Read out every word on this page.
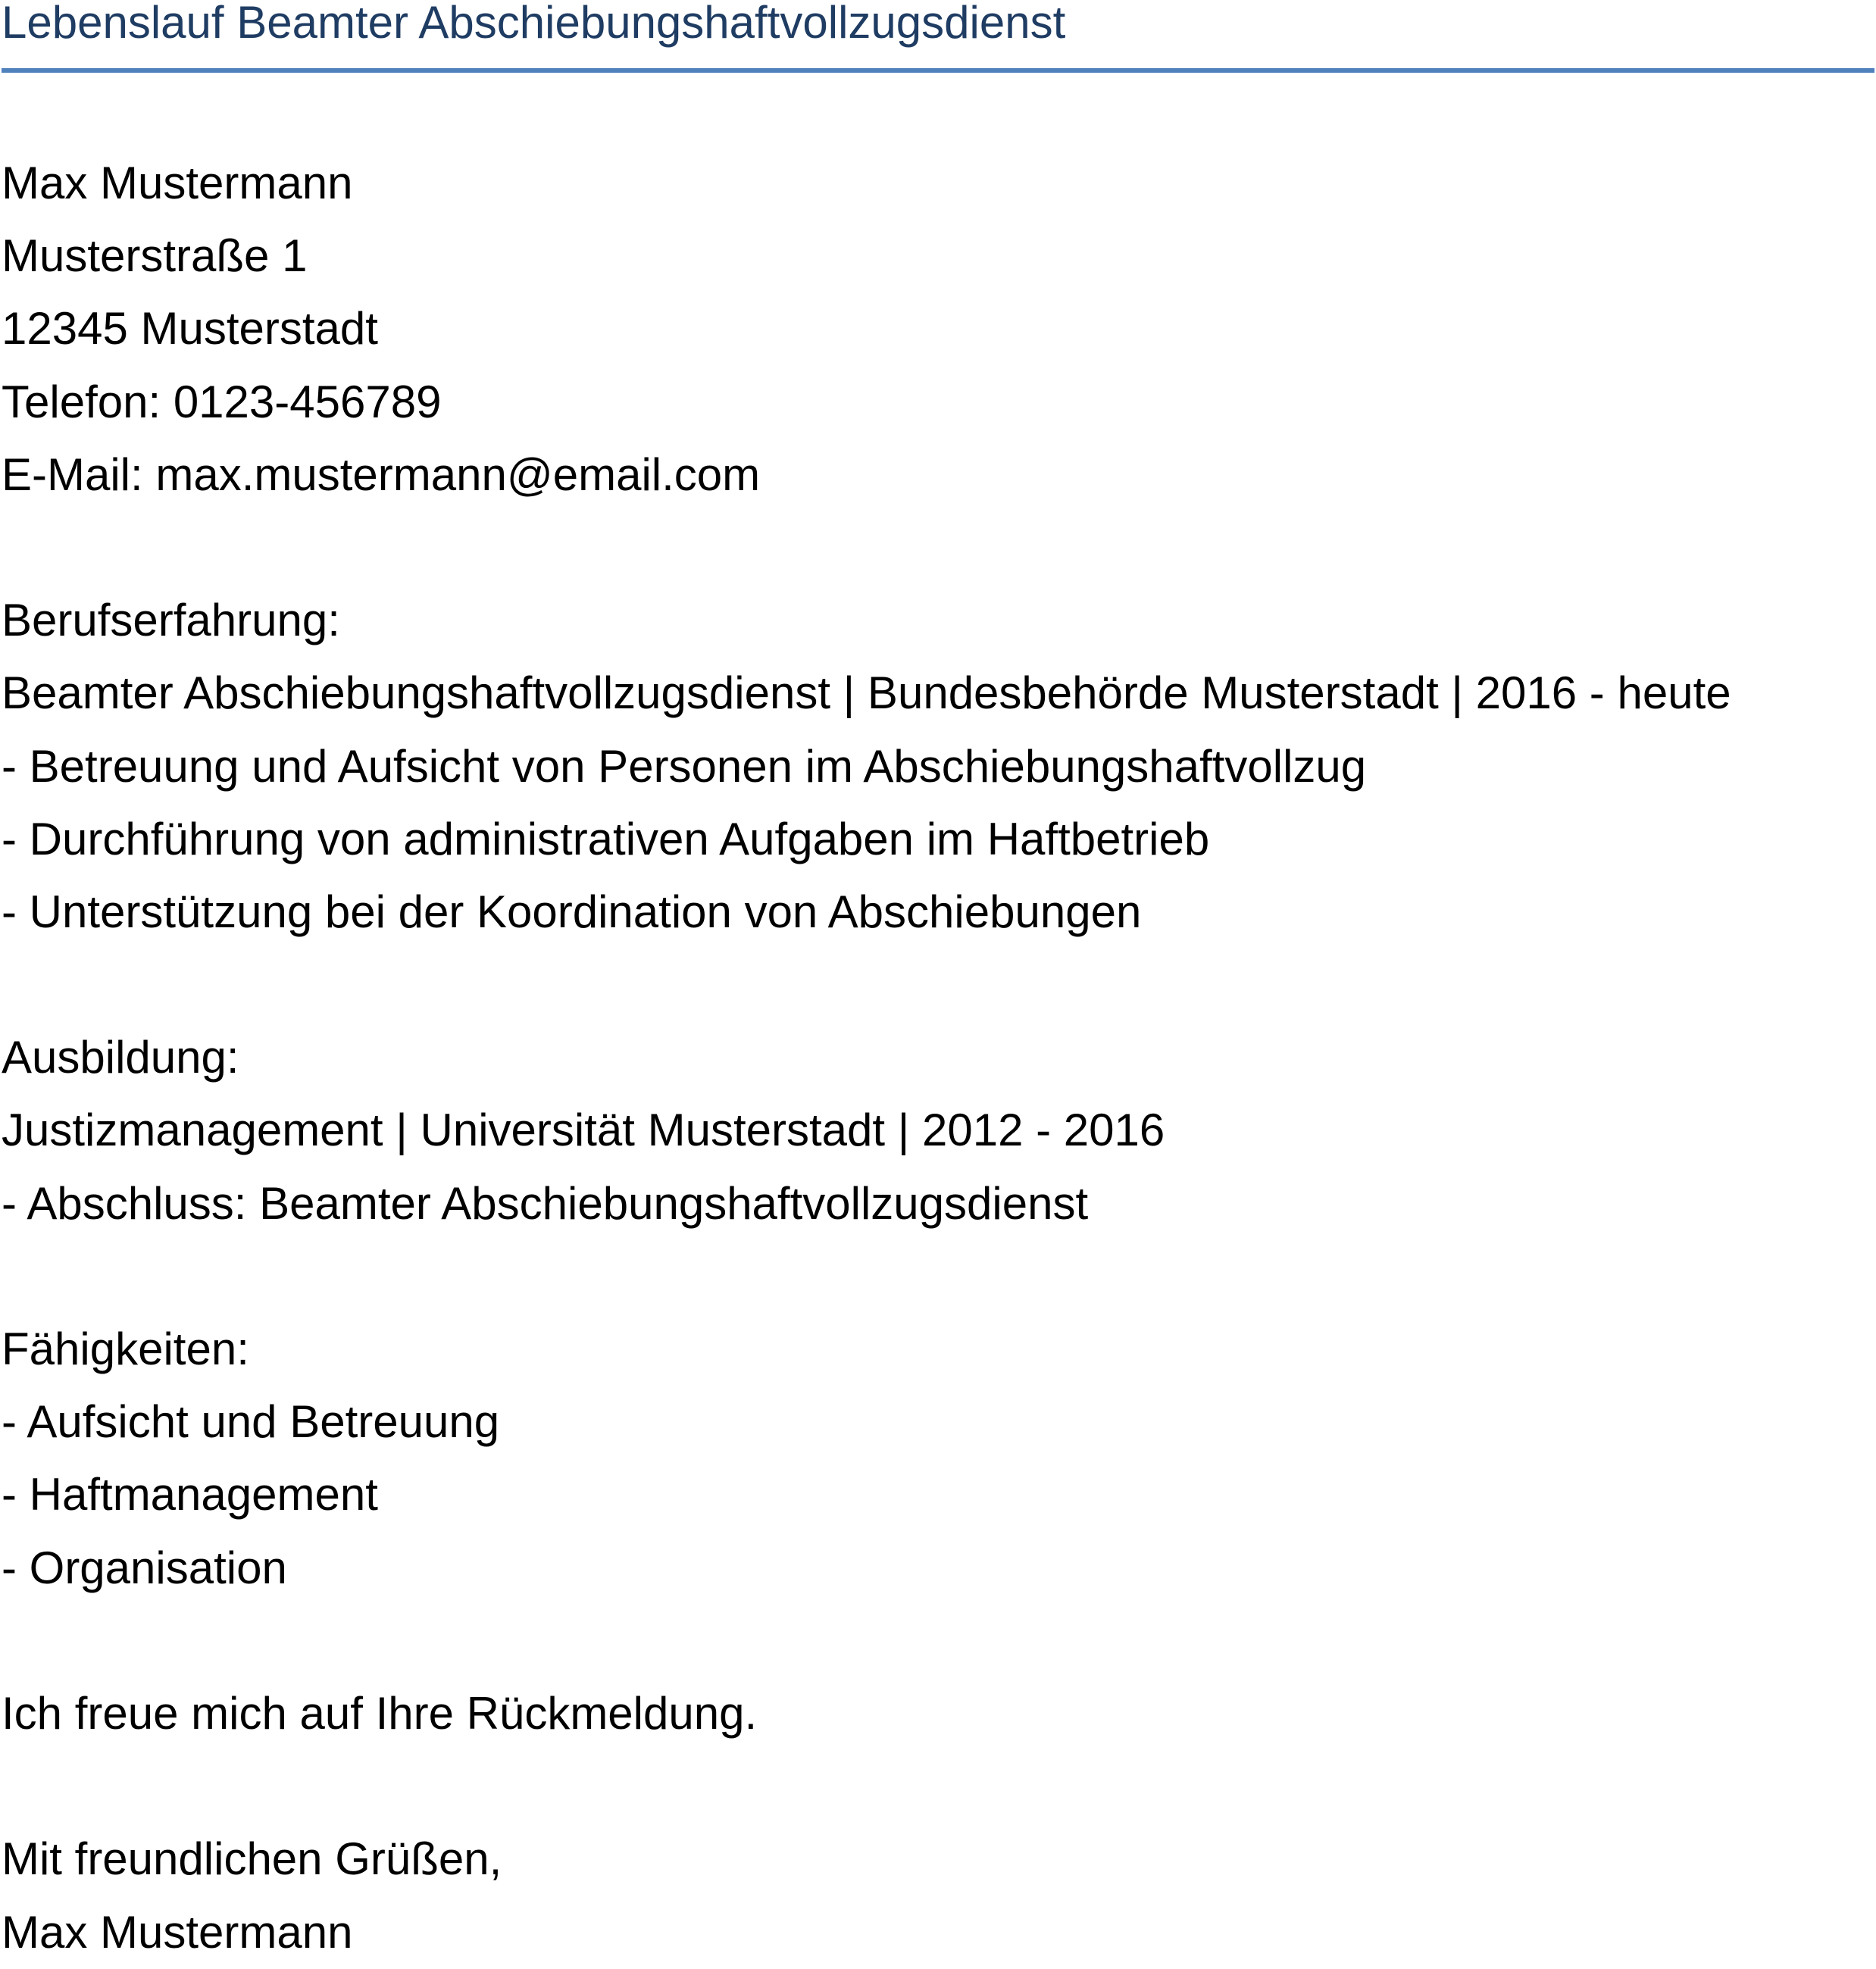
Lebenslauf Beamter Abschiebungshaftvollzugsdienst
Max Mustermann
Musterstraße 1
12345 Musterstadt
Telefon: 0123-456789
E-Mail: max.mustermann@email.com
Berufserfahrung:
Beamter Abschiebungshaftvollzugsdienst | Bundesbehörde Musterstadt | 2016 - heute
- Betreuung und Aufsicht von Personen im Abschiebungshaftvollzug
- Durchführung von administrativen Aufgaben im Haftbetrieb
- Unterstützung bei der Koordination von Abschiebungen
Ausbildung:
Justizmanagement | Universität Musterstadt | 2012 - 2016
- Abschluss: Beamter Abschiebungshaftvollzugsdienst
Fähigkeiten:
- Aufsicht und Betreuung
- Haftmanagement
- Organisation
Ich freue mich auf Ihre Rückmeldung.
Mit freundlichen Grüßen,
Max Mustermann
